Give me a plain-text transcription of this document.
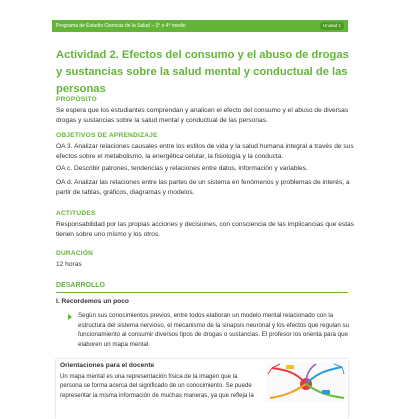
Programa de Estudio Ciencias de la Salud – 3° o 4° medio	Unidad 1
Actividad 2. Efectos del consumo y el abuso de drogas y sustancias sobre la salud mental y conductual de las personas
PROPÓSITO

Se espera que los estudiantes comprendan y analicen el efecto del consumo y el abuso de diversas drogas y sustancias sobre la salud mental y conductual de las personas.

OBJETIVOS DE APRENDIZAJE

OA 3. Analizar relaciones causales entre los estilos de vida y la salud humana integral a través de sus efectos sobre el metabolismo, la energética celular, la fisiología y la conducta.

OA c. Describir patrones, tendencias y relaciones entre datos, información y variables.

OA d. Analizar las relaciones entre las partes de un sistema en fenómenos y problemas de interés, a partir de tablas, gráficos, diagramas y modelos.

ACTITUDES

Responsabilidad por las propias acciones y decisiones, con consciencia de las implicancias que estas tienen sobre uno mismo y los otros.

DURACIÓN

12 horas

DESARROLLO
I. Recordemos un poco

Según sus conocimientos previos, entre todos elaboran un modelo mental relacionado con la estructura del sistema nervioso, el mecanismo de la sinapsis neuronal y los efectos que regulan su funcionamiento al consumir diversos tipos de drogas o sustancias. El profesor los orienta para que elaboren un mapa mental.

Orientaciones para el docente

Un mapa mental es una representación física de la imagen que la persona se forma acerca del significado de un conocimiento. Se puede representar la misma información de muchas maneras, ya que refleja la
